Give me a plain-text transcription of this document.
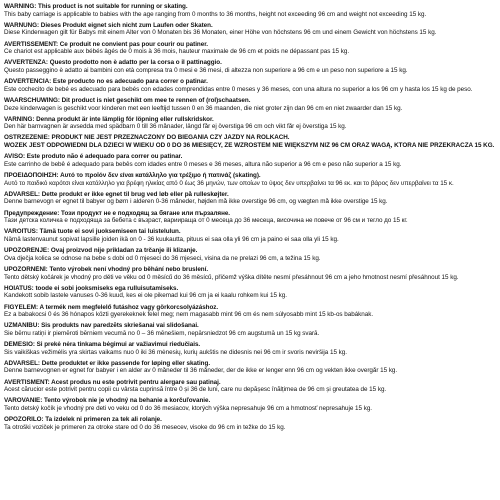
WARNING: This product is not suitable for running or skating.
This baby carriage is applicable to babies with the age ranging from 0 months to 36 months, height not exceeding 96 cm and weight not exceeding 15 kg.
WARNUNG: Dieses Produkt eignet sich nicht zum Laufen oder Skaten.
Diese Kinderwagen gilt für Babys mit einem Alter von 0 Monaten bis 36 Monaten, einer Höhe von höchstens 96 cm und einem Gewicht von höchstens 15 kg.
AVERTISSEMENT: Ce produit ne convient pas pour courir ou patiner.
Ce chariot est applicable aux bébés âgés de 0 mois à 36 mois, hauteur maximale de 96 cm et poids ne dépassant pas 15 kg.
AVVERTENZA: Questo prodotto non è adatto per la corsa o il pattinaggio.
Questo passeggino è adatto ai bambini con età compresa tra 0 mesi e 36 mesi, di altezza non superiore a 96 cm e un peso non superiore a 15 kg.
ADVERTENCIA: Este producto no es adecuado para correr o patinar.
Este cochecito de bebé es adecuado para bebés con edades comprendidas entre 0 meses y 36 meses, con una altura no superior a los 96 cm y hasta los 15 kg de peso.
WAARSCHUWING: Dit product is niet geschikt om mee te rennen of (rol)schaatsen.
Deze kinderwagen is geschikt voor kinderen met een leeftijd tussen 0 en 36 maanden, die niet groter zijn dan 96 cm en niet zwaarder dan 15 kg.
VARNING: Denna produkt är inte lämplig för löpning eller rullskridskor.
Den här barnvagnen är avsedda med spädbarn 0 till 36 månader, längd får ej överstiga 96 cm och vikt får ej överstiga 15 kg.
OSTRZEŻENIE: PRODUKT NIE JEST PRZEZNACZONY DO BIEGANIA CZY JAZDY NA ROLKACH.
WÓZEK JEST ODPOWIEDNI DLA DZIECI W WIEKU OD 0 DO 36 MIESIĘCY, ZE WZROSTEM NIE WIĘKSZYM NIŻ 96 CM ORAZ WAGĄ, KTÓRA NIE PRZEKRACZA 15 KG.
AVISO: Este produto não é adequado para correr ou patinar.
Este carrinho de bebê é adequado para bebês com idades entre 0 meses e 36 meses, altura não superior a 96 cm e peso não superior a 15 kg.
ΠΡΟΕΙΔΟΠΟΙΗΣΗ: Αυτό το προϊόν δεν είναι κατάλληλο για τρέξιμο ή πατινάζ (skating).
Αυτό το παιδικό καρότσι είναι κατάλληλο για βρέφη ηλικίας από 0 έως 36 μηνών, των οποίων το ύψος δεν υπερβαίνει τα 96 εκ. και το βάρος δεν υπερβαίνει τα 15 κ.
ADVARSEL: Dette produkt er ikke egnet til brug ved løb eller på rulleskøjter.
Denne barnevogn er egnet til babyer og børn i alderen 0-36 måneder, højden må ikke overstige 96 cm, og vægten må ikke overstige 15 kg.
Предупреждение: Този продукт не е подходящ за бягане или пързаляне.
Тази детска количка е подходяща за бебета с възраст, вариираща от 0 месеца до 36 месеца, височина не повече от 96 см и тегло до 15 кг.
VAROITUS: Tämä tuote ei sovi juoksemiseen tai luistelulun.
Nämä lastenvaunut sopivat lapsille joiden ikä on 0 - 36 kuukautta, pituus ei saa olla yli 96 cm ja paino ei saa olla yli 15 kg.
UPOZORENJE: Ovaj proizvod nije prikladan za trčanje ili klizanje.
Ova dječja kolica se odnose na bebe s dobi od 0 mjeseci do 36 mjeseci, visina da ne prelazi 96 cm, a težina 15 kg.
UPOZORNĚNÍ: Tento výrobek není vhodný pro běhání nebo bruslení.
Tento dětský kočárek je vhodný pro děti ve věku od 0 měsíců do 36 měsíců, přičemž výška dítěte nesmí přesáhnout 96 cm a jeho hmotnost nesmí přesáhnout 15 kg.
HOIATUS: toode ei sobi jooksmiseks ega rulluisutamiseks.
Kandekott sobib lastele vanuses 0-36 kuud, kes ei ole pikemad kui 96 cm ja ei kaalu rohkem kui 15 kg.
FIGYELEM: A termék nem megfelelő futáshoz vagy görkorcsolyázáshoz.
Ez a babakocsi 0 és 36 hónapos közti gyerekeknek felel meg; nem magasabb mint 96 cm és nem súlyosabb mint 15 kb-os babáknak.
UZMANĪBU: Šis produkts nav paredzēts skriešanai vai slidošanai.
Šie bērnu ratiņi ir piemēroti bērniem vecumā no 0 – 36 mēnešiem, nepārsniedzot 96 cm augstumā un 15 kg svarā.
DĖMESIO: Ši prekė nėra tinkama bėgimui ar važiavimui riedučiais.
Šis vaikiškas vežimėlis yra skirtas vaikams nuo 0 iki 36 mėnesių, kurių aukštis ne didesnis nei 96 cm ir svoris neviršija 15 kg.
ADVARSEL: Dette produktet er ikke passende for løping eller skating.
Denne barnevognen er egnet for babyer i en alder av 0 måneder til 36 måneder, der de ikke er lenger enn 96 cm og vekten ikke overgår 15 kg.
AVERTISMENT: Acest produs nu este potrivit pentru alergare sau patinaj.
Acest cărucior este potrivit pentru copii cu vârsta cuprinsă între 0 și 36 de luni, care nu depășesc înălțimea de 96 cm și greutatea de 15 kg.
VAROVANIE: Tento výrobok nie je vhodný na behanie a korčuľovanie.
Tento detský kočík je vhodný pre deti vo veku od 0 do 36 mesiacov, ktorých výška nepresahuje 96 cm a hmotnosť nepresahuje 15 kg.
OPOZORILO: Ta izdelek ni primeren za tek ali rolanje.
Ta otroški voziček je primeren za otroke stare od 0 do 36 mesecev, visoke do 96 cm in težke do 15 kg.
